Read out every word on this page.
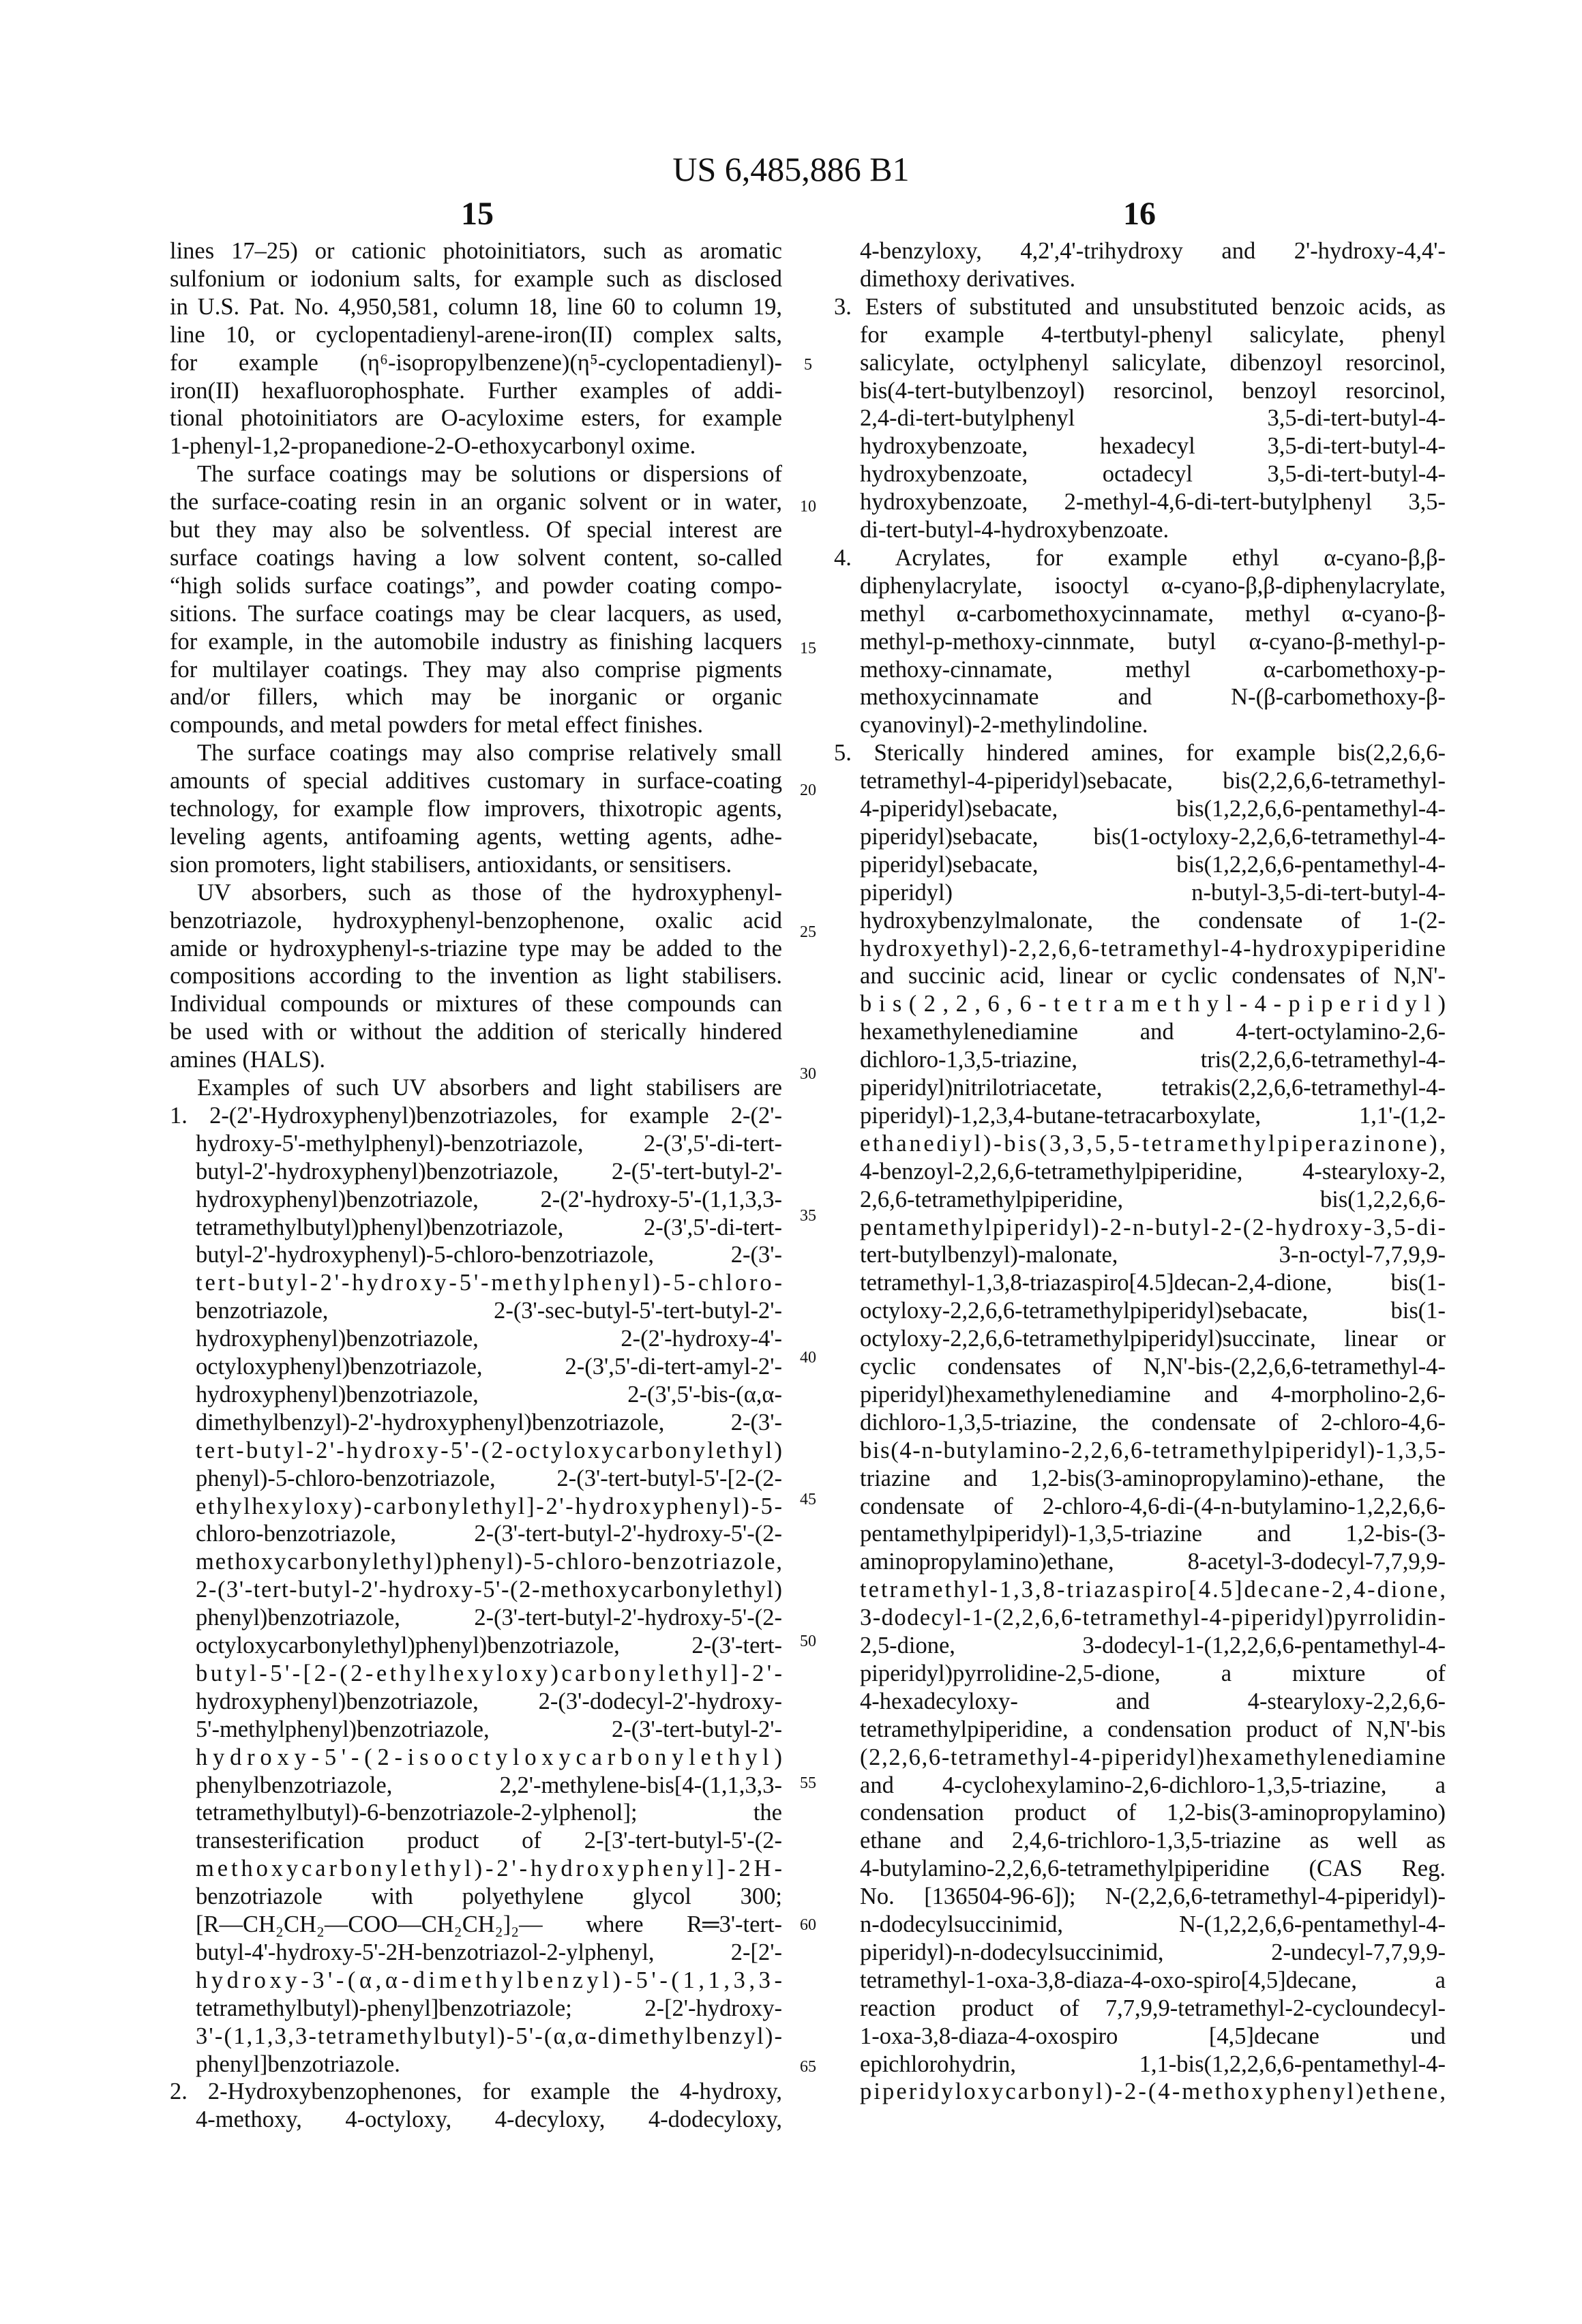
US 6,485,886 B1
15	16
lines 17–25) or cationic photoinitiators, such as aromatic
sulfonium or iodonium salts, for example such as disclosed
in U.S. Pat. No. 4,950,581, column 18, line 60 to column 19,
line 10, or cyclopentadienyl-arene-iron(II) complex salts,
for example (η⁶-isopropylbenzene)(η⁵-cyclopentadienyl)-
iron(II) hexafluorophosphate. Further examples of addi-
tional photoinitiators are O-acyloxime esters, for example
1-phenyl-1,2-propanedione-2-O-ethoxycarbonyl oxime.
The surface coatings may be solutions or dispersions of
the surface-coating resin in an organic solvent or in water,
but they may also be solventless. Of special interest are
surface coatings having a low solvent content, so-called
“high solids surface coatings”, and powder coating compo-
sitions. The surface coatings may be clear lacquers, as used,
for example, in the automobile industry as finishing lacquers
for multilayer coatings. They may also comprise pigments
and/or fillers, which may be inorganic or organic
compounds, and metal powders for metal effect finishes.
The surface coatings may also comprise relatively small
amounts of special additives customary in surface-coating
technology, for example flow improvers, thixotropic agents,
leveling agents, antifoaming agents, wetting agents, adhe-
sion promoters, light stabilisers, antioxidants, or sensitisers.
UV absorbers, such as those of the hydroxyphenyl-
benzotriazole, hydroxyphenyl-benzophenone, oxalic acid
amide or hydroxyphenyl-s-triazine type may be added to the
compositions according to the invention as light stabilisers.
Individual compounds or mixtures of these compounds can
be used with or without the addition of sterically hindered
amines (HALS).
Examples of such UV absorbers and light stabilisers are
1. 2-(2'-Hydroxyphenyl)benzotriazoles, for example 2-(2'-
hydroxy-5'-methylphenyl)-benzotriazole, 2-(3',5'-di-tert-
butyl-2'-hydroxyphenyl)benzotriazole, 2-(5'-tert-butyl-2'-
hydroxyphenyl)benzotriazole, 2-(2'-hydroxy-5'-(1,1,3,3-
tetramethylbutyl)phenyl)benzotriazole, 2-(3',5'-di-tert-
butyl-2'-hydroxyphenyl)-5-chloro-benzotriazole, 2-(3'-
tert-butyl-2'-hydroxy-5'-methylphenyl)-5-chloro-
benzotriazole, 2-(3'-sec-butyl-5'-tert-butyl-2'-
hydroxyphenyl)benzotriazole, 2-(2'-hydroxy-4'-
octyloxyphenyl)benzotriazole, 2-(3',5'-di-tert-amyl-2'-
hydroxyphenyl)benzotriazole, 2-(3',5'-bis-(α,α-
dimethylbenzyl)-2'-hydroxyphenyl)benzotriazole, 2-(3'-
tert-butyl-2'-hydroxy-5'-(2-octyloxycarbonylethyl)
phenyl)-5-chloro-benzotriazole, 2-(3'-tert-butyl-5'-[2-(2-
ethylhexyloxy)-carbonylethyl]-2'-hydroxyphenyl)-5-
chloro-benzotriazole, 2-(3'-tert-butyl-2'-hydroxy-5'-(2-
methoxycarbonylethyl)phenyl)-5-chloro-benzotriazole,
2-(3'-tert-butyl-2'-hydroxy-5'-(2-methoxycarbonylethyl)
phenyl)benzotriazole, 2-(3'-tert-butyl-2'-hydroxy-5'-(2-
octyloxycarbonylethyl)phenyl)benzotriazole, 2-(3'-tert-
butyl-5'-[2-(2-ethylhexyloxy)carbonylethyl]-2'-
hydroxyphenyl)benzotriazole, 2-(3'-dodecyl-2'-hydroxy-
5'-methylphenyl)benzotriazole, 2-(3'-tert-butyl-2'-
hydroxy-5'-(2-isooctyloxycarbonylethyl)
phenylbenzotriazole, 2,2'-methylene-bis[4-(1,1,3,3-
tetramethylbutyl)-6-benzotriazole-2-ylphenol]; the
transesterification product of 2-[3'-tert-butyl-5'-(2-
methoxycarbonylethyl)-2'-hydroxyphenyl]-2H-
benzotriazole with polyethylene glycol 300;
[R—CH₂CH₂—COO—CH₂CH₂]₂— where R═3'-tert-
butyl-4'-hydroxy-5'-2H-benzotriazol-2-ylphenyl, 2-[2'-
hydroxy-3'-(α,α-dimethylbenzyl)-5'-(1,1,3,3-
tetramethylbutyl)-phenyl]benzotriazole; 2-[2'-hydroxy-
3'-(1,1,3,3-tetramethylbutyl)-5'-(α,α-dimethylbenzyl)-
phenyl]benzotriazole.
2. 2-Hydroxybenzophenones, for example the 4-hydroxy,
4-methoxy, 4-octyloxy, 4-decyloxy, 4-dodecyloxy,
4-benzyloxy, 4,2',4'-trihydroxy and 2'-hydroxy-4,4'-
dimethoxy derivatives.
3. Esters of substituted and unsubstituted benzoic acids, as
for example 4-tertbutyl-phenyl salicylate, phenyl
salicylate, octylphenyl salicylate, dibenzoyl resorcinol,
bis(4-tert-butylbenzoyl) resorcinol, benzoyl resorcinol,
2,4-di-tert-butylphenyl 3,5-di-tert-butyl-4-
hydroxybenzoate, hexadecyl 3,5-di-tert-butyl-4-
hydroxybenzoate, octadecyl 3,5-di-tert-butyl-4-
hydroxybenzoate, 2-methyl-4,6-di-tert-butylphenyl 3,5-
di-tert-butyl-4-hydroxybenzoate.
4. Acrylates, for example ethyl α-cyano-β,β-
diphenylacrylate, isooctyl α-cyano-β,β-diphenylacrylate,
methyl α-carbomethoxycinnamate, methyl α-cyano-β-
methyl-p-methoxy-cinnmate, butyl α-cyano-β-methyl-p-
methoxy-cinnamate, methyl α-carbomethoxy-p-
methoxycinnamate and N-(β-carbomethoxy-β-
cyanovinyl)-2-methylindoline.
5. Sterically hindered amines, for example bis(2,2,6,6-
tetramethyl-4-piperidyl)sebacate, bis(2,2,6,6-tetramethyl-
4-piperidyl)sebacate, bis(1,2,2,6,6-pentamethyl-4-
piperidyl)sebacate, bis(1-octyloxy-2,2,6,6-tetramethyl-4-
piperidyl)sebacate, bis(1,2,2,6,6-pentamethyl-4-
piperidyl) n-butyl-3,5-di-tert-butyl-4-
hydroxybenzylmalonate, the condensate of 1-(2-
hydroxyethyl)-2,2,6,6-tetramethyl-4-hydroxypiperidine
and succinic acid, linear or cyclic condensates of N,N'-
bis(2,2,6,6-tetramethyl-4-piperidyl)
hexamethylenediamine and 4-tert-octylamino-2,6-
dichloro-1,3,5-triazine, tris(2,2,6,6-tetramethyl-4-
piperidyl)nitrilotriacetate, tetrakis(2,2,6,6-tetramethyl-4-
piperidyl)-1,2,3,4-butane-tetracarboxylate, 1,1'-(1,2-
ethanediyl)-bis(3,3,5,5-tetramethylpiperazinone),
4-benzoyl-2,2,6,6-tetramethylpiperidine, 4-stearyloxy-2,
2,6,6-tetramethylpiperidine, bis(1,2,2,6,6-
pentamethylpiperidyl)-2-n-butyl-2-(2-hydroxy-3,5-di-
tert-butylbenzyl)-malonate, 3-n-octyl-7,7,9,9-
tetramethyl-1,3,8-triazaspiro[4.5]decan-2,4-dione, bis(1-
octyloxy-2,2,6,6-tetramethylpiperidyl)sebacate, bis(1-
octyloxy-2,2,6,6-tetramethylpiperidyl)succinate, linear or
cyclic condensates of N,N'-bis-(2,2,6,6-tetramethyl-4-
piperidyl)hexamethylenediamine and 4-morpholino-2,6-
dichloro-1,3,5-triazine, the condensate of 2-chloro-4,6-
bis(4-n-butylamino-2,2,6,6-tetramethylpiperidyl)-1,3,5-
triazine and 1,2-bis(3-aminopropylamino)-ethane, the
condensate of 2-chloro-4,6-di-(4-n-butylamino-1,2,2,6,6-
pentamethylpiperidyl)-1,3,5-triazine and 1,2-bis-(3-
aminopropylamino)ethane, 8-acetyl-3-dodecyl-7,7,9,9-
tetramethyl-1,3,8-triazaspiro[4.5]decane-2,4-dione,
3-dodecyl-1-(2,2,6,6-tetramethyl-4-piperidyl)pyrrolidin-
2,5-dione, 3-dodecyl-1-(1,2,2,6,6-pentamethyl-4-
piperidyl)pyrrolidine-2,5-dione, a mixture of
4-hexadecyloxy- and 4-stearyloxy-2,2,6,6-
tetramethylpiperidine, a condensation product of N,N'-bis
(2,2,6,6-tetramethyl-4-piperidyl)hexamethylenediamine
and 4-cyclohexylamino-2,6-dichloro-1,3,5-triazine, a
condensation product of 1,2-bis(3-aminopropylamino)
ethane and 2,4,6-trichloro-1,3,5-triazine as well as
4-butylamino-2,2,6,6-tetramethylpiperidine (CAS Reg.
No. [136504-96-6]); N-(2,2,6,6-tetramethyl-4-piperidyl)-
n-dodecylsuccinimid, N-(1,2,2,6,6-pentamethyl-4-
piperidyl)-n-dodecylsuccinimid, 2-undecyl-7,7,9,9-
tetramethyl-1-oxa-3,8-diaza-4-oxo-spiro[4,5]decane, a
reaction product of 7,7,9,9-tetramethyl-2-cycloundecyl-
1-oxa-3,8-diaza-4-oxospiro [4,5]decane und
epichlorohydrin, 1,1-bis(1,2,2,6,6-pentamethyl-4-
piperidyloxycarbonyl)-2-(4-methoxyphenyl)ethene,
5
10
15
20
25
30
35
40
45
50
55
60
65
